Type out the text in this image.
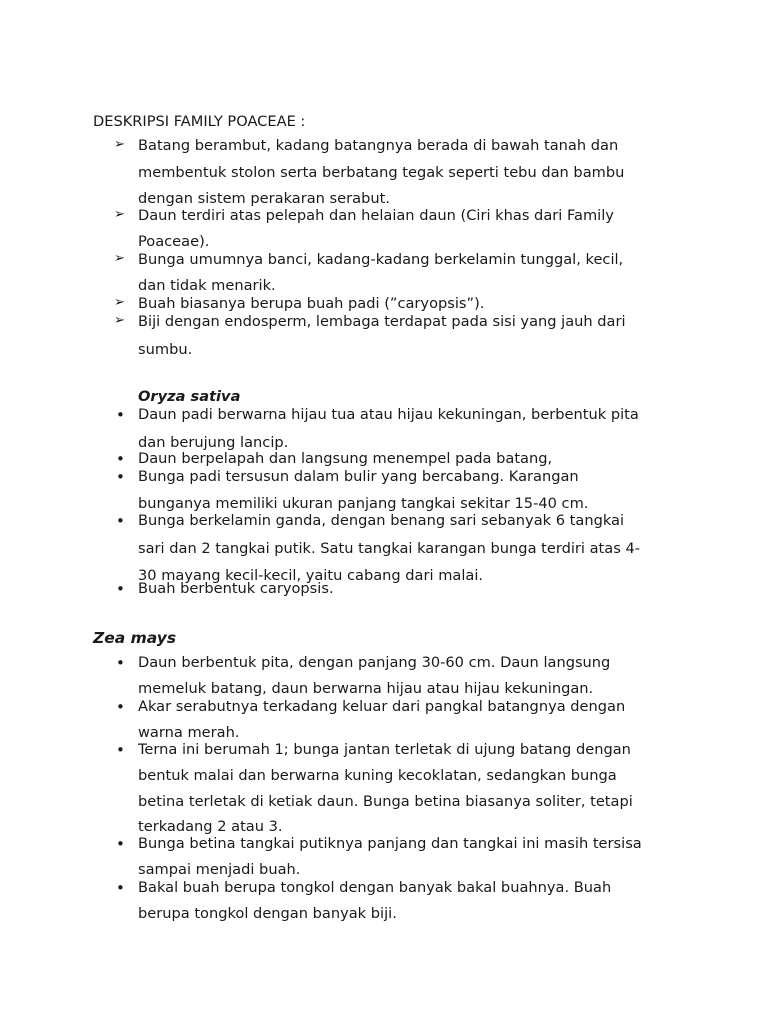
DESKRIPSI FAMILY POACEAE :
➢ Batang berambut, kadang batangnya berada di bawah tanah dan
membentuk stolon serta berbatang tegak seperti tebu dan bambu
dengan sistem perakaran serabut.
➢ Daun terdiri atas pelepah dan helaian daun (Ciri khas dari Family
Poaceae).
➢ Bunga umumnya banci, kadang-kadang berkelamin tunggal, kecil,
dan tidak menarik.
➢ Buah biasanya berupa buah padi (”caryopsis”).
➢ Biji dengan endosperm, lembaga terdapat pada sisi yang jauh dari
sumbu.
Oryza sativa
• Daun padi berwarna hijau tua atau hijau kekuningan, berbentuk pita
dan berujung lancip.
• Daun berpelapah dan langsung menempel pada batang,
• Bunga padi tersusun dalam bulir yang bercabang. Karangan
bunganya memiliki ukuran panjang tangkai sekitar 15-40 cm.
• Bunga berkelamin ganda, dengan benang sari sebanyak 6 tangkai
sari dan 2 tangkai putik. Satu tangkai karangan bunga terdiri atas 4-
30 mayang kecil-kecil, yaitu cabang dari malai.
• Buah berbentuk caryopsis.
Zea mays
• Daun berbentuk pita, dengan panjang 30-60 cm. Daun langsung
memeluk batang, daun berwarna hijau atau hijau kekuningan.
• Akar serabutnya terkadang keluar dari pangkal batangnya dengan
warna merah.
• Terna ini berumah 1; bunga jantan terletak di ujung batang dengan
bentuk malai dan berwarna kuning kecoklatan, sedangkan bunga
betina terletak di ketiak daun. Bunga betina biasanya soliter, tetapi
terkadang 2 atau 3.
• Bunga betina tangkai putiknya panjang dan tangkai ini masih tersisa
sampai menjadi buah.
• Bakal buah berupa tongkol dengan banyak bakal buahnya. Buah
berupa tongkol dengan banyak biji.
